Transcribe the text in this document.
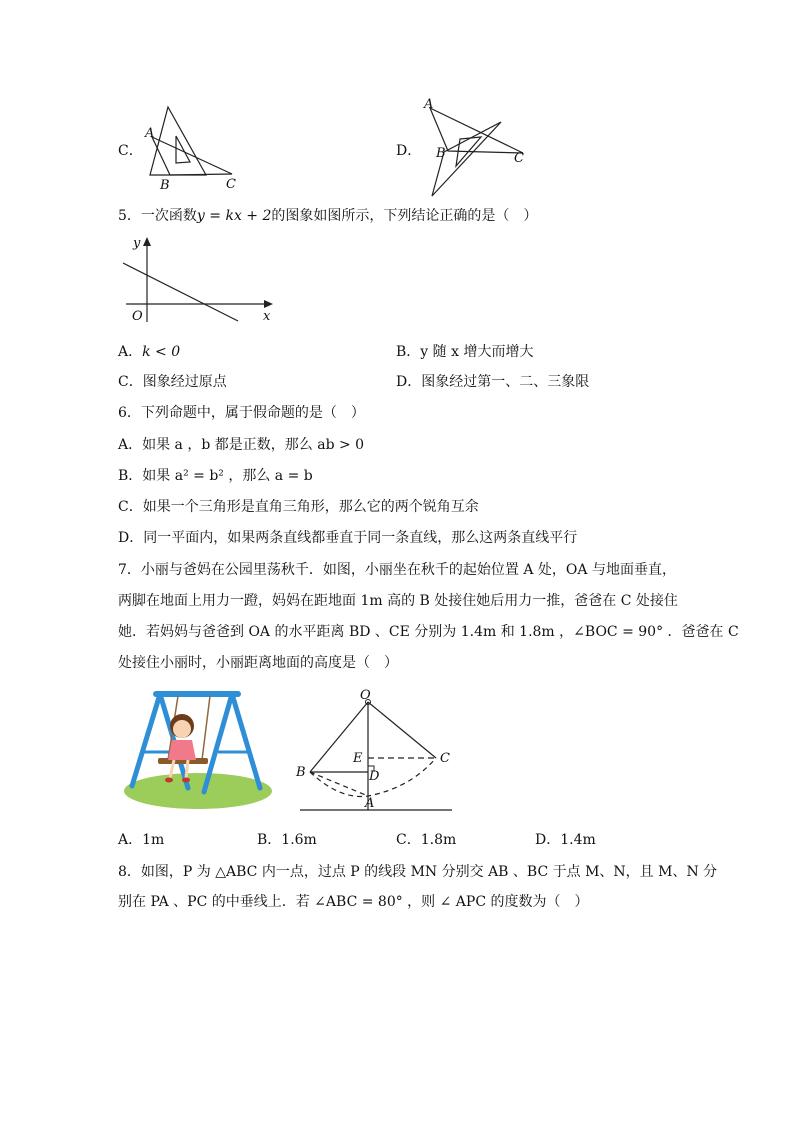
C．
A
B	C
D．
A
B	C
5．一次函数y = kx + 2的图象如图所示，下列结论正确的是（　）
y
x
O
A．k < 0	B．y 随 x 增大而增大
C．图象经过原点	D．图象经过第一、二、三象限
6．下列命题中，属于假命题的是（　）
A．如果 a ，b 都是正数，那么 ab > 0
B．如果 a² = b² ，那么 a = b
C．如果一个三角形是直角三角形，那么它的两个锐角互余
D．同一平面内，如果两条直线都垂直于同一条直线，那么这两条直线平行
7．小丽与爸妈在公园里荡秋千．如图，小丽坐在秋千的起始位置 A 处，OA 与地面垂直，
两脚在地面上用力一蹬，妈妈在距地面 1m 高的 B 处接住她后用力一推，爸爸在 C 处接住
她．若妈妈与爸爸到 OA 的水平距离 BD 、CE 分别为 1.4m 和 1.8m ，∠BOC = 90° ．爸爸在 C
处接住小丽时，小丽距离地面的高度是（　）
O
A
B
C
D
E
A．1m	B．1.6m	C．1.8m	D．1.4m
8．如图，P 为 △ABC 内一点，过点 P 的线段 MN 分别交 AB 、BC 于点 M、N，且 M、N 分
别在 PA 、PC 的中垂线上．若 ∠ABC = 80° ，则 ∠ APC 的度数为（　）
